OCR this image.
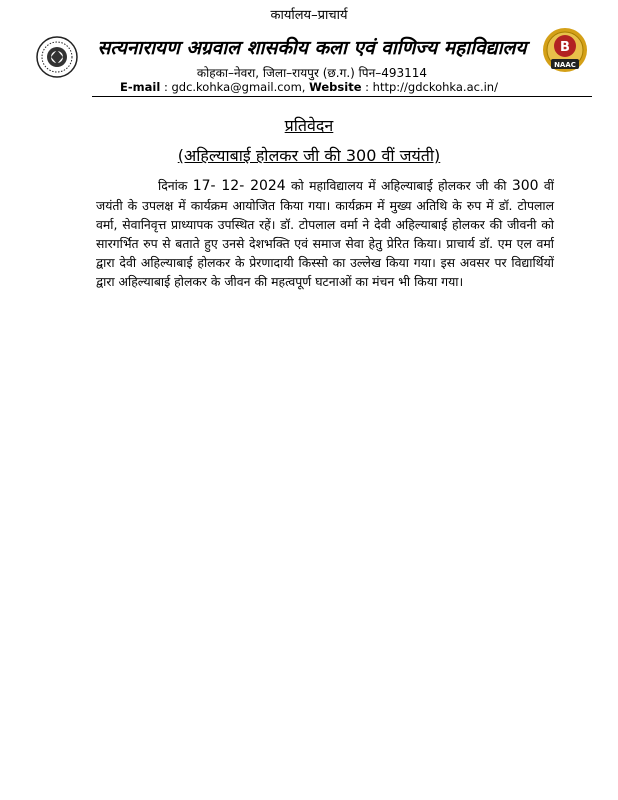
कार्यालय–प्राचार्य
सत्यनारायण अग्रवाल शासकीय कला एवं वाणिज्य महाविद्यालय
कोहका–नेवरा, जिला–रायपुर (छ.ग.) पिन–493114
E-mail : gdc.kohka@gmail.com, Website : http://gdckohka.ac.in/
B
NAAC
प्रतिवेदन
(अहिल्याबाई होलकर जी की 300 वीं जयंती)
दिनांक 17- 12- 2024 को महाविद्यालय में अहिल्याबाई होलकर जी की 300 वीं जयंती के उपलक्ष में कार्यक्रम आयोजित किया गया। कार्यक्रम में मुख्य अतिथि के रुप में डॉ. टोपलाल वर्मा, सेवानिवृत्त प्राध्यापक उपस्थित रहें। डॉ. टोपलाल वर्मा ने देवी अहिल्याबाई होलकर की जीवनी को सारगर्भित रुप से बताते हुए उनसे देशभक्ति एवं समाज सेवा हेतु प्रेरित किया। प्राचार्य डॉ. एम एल वर्मा द्वारा देवी अहिल्याबाई होलकर के प्रेरणादायी किस्सो का उल्लेख किया गया। इस अवसर पर विद्यार्थियों द्वारा अहिल्याबाई होलकर के जीवन की महत्वपूर्ण घटनाओं का मंचन भी किया गया।
